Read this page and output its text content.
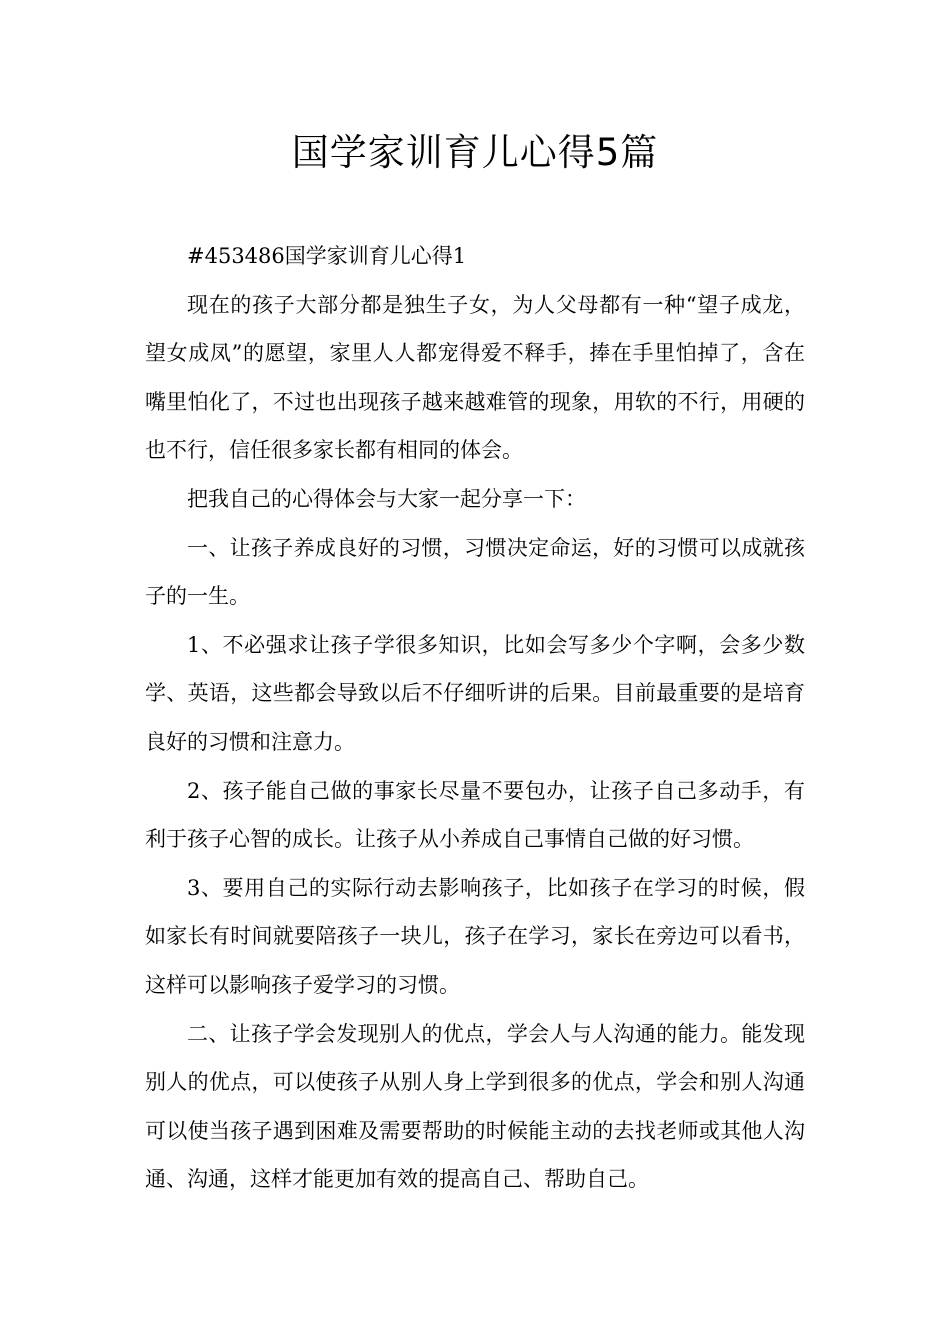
国学家训育儿心得5篇

#453486国学家训育儿心得1

现在的孩子大部分都是独生子女，为人父母都有一种“望子成龙，望女成凤”的愿望，家里人人都宠得爱不释手，捧在手里怕掉了，含在嘴里怕化了，不过也出现孩子越来越难管的现象，用软的不行，用硬的也不行，信任很多家长都有相同的体会。

把我自己的心得体会与大家一起分享一下：

一、让孩子养成良好的习惯，习惯决定命运，好的习惯可以成就孩子的一生。

1、不必强求让孩子学很多知识，比如会写多少个字啊，会多少数学、英语，这些都会导致以后不仔细听讲的后果。目前最重要的是培育良好的习惯和注意力。

2、孩子能自己做的事家长尽量不要包办，让孩子自己多动手，有利于孩子心智的成长。让孩子从小养成自己事情自己做的好习惯。

3、要用自己的实际行动去影响孩子，比如孩子在学习的时候，假如家长有时间就要陪孩子一块儿，孩子在学习，家长在旁边可以看书，这样可以影响孩子爱学习的习惯。

二、让孩子学会发现别人的优点，学会人与人沟通的能力。能发现别人的优点，可以使孩子从别人身上学到很多的优点，学会和别人沟通可以使当孩子遇到困难及需要帮助的时候能主动的去找老师或其他人沟通、沟通，这样才能更加有效的提高自己、帮助自己。
